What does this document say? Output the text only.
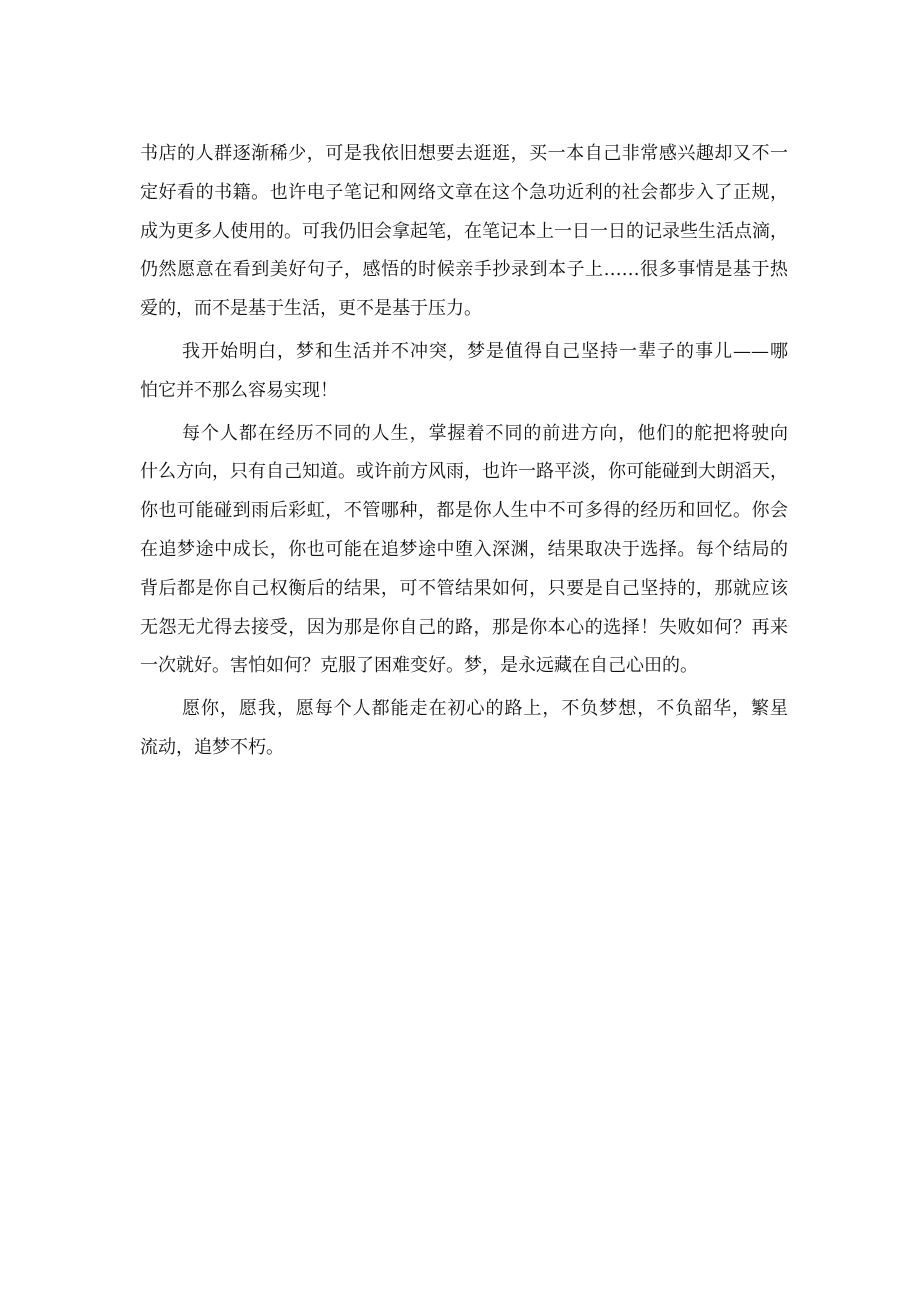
书店的人群逐渐稀少，可是我依旧想要去逛逛，买一本自己非常感兴趣却又不一
定好看的书籍。也许电子笔记和网络文章在这个急功近利的社会都步入了正规，
成为更多人使用的。可我仍旧会拿起笔，在笔记本上一日一日的记录些生活点滴，
仍然愿意在看到美好句子，感悟的时候亲手抄录到本子上……很多事情是基于热
爱的，而不是基于生活，更不是基于压力。
我开始明白，梦和生活并不冲突，梦是值得自己坚持一辈子的事儿——哪
怕它并不那么容易实现！
每个人都在经历不同的人生，掌握着不同的前进方向，他们的舵把将驶向
什么方向，只有自己知道。或许前方风雨，也许一路平淡，你可能碰到大朗滔天，
你也可能碰到雨后彩虹，不管哪种，都是你人生中不可多得的经历和回忆。你会
在追梦途中成长，你也可能在追梦途中堕入深渊，结果取决于选择。每个结局的
背后都是你自己权衡后的结果，可不管结果如何，只要是自己坚持的，那就应该
无怨无尤得去接受，因为那是你自己的路，那是你本心的选择！失败如何？再来
一次就好。害怕如何？克服了困难变好。梦，是永远藏在自己心田的。
愿你，愿我，愿每个人都能走在初心的路上，不负梦想，不负韶华，繁星
流动，追梦不朽。
